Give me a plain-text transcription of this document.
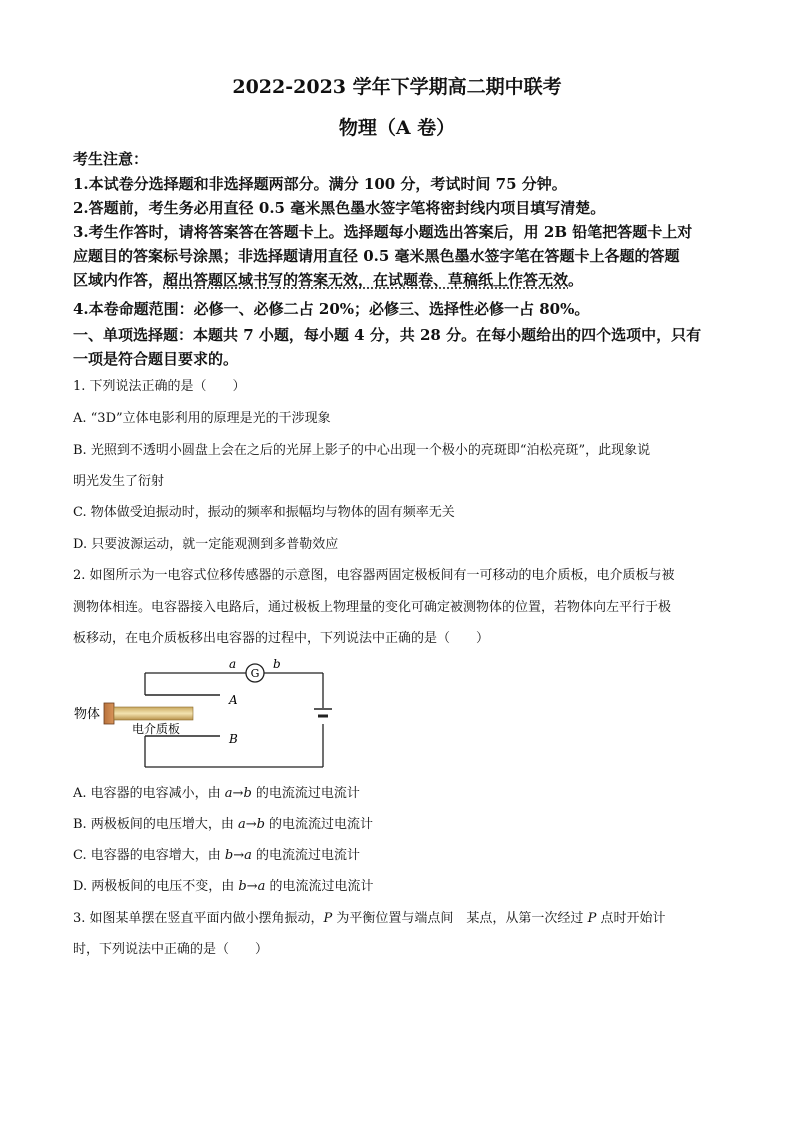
2022-2023 学年下学期高二期中联考
物理（A 卷）
考生注意：
1.本试卷分选择题和非选择题两部分。满分 100 分，考试时间 75 分钟。
2.答题前，考生务必用直径 0.5 毫米黑色墨水签字笔将密封线内项目填写清楚。
3.考生作答时，请将答案答在答题卡上。选择题每小题选出答案后，用 2B 铅笔把答题卡上对
应题目的答案标号涂黑；非选择题请用直径 0.5 毫米黑色墨水签字笔在答题卡上各题的答题
区域内作答，超出答题区域书写的答案无效，在试题卷、草稿纸上作答无效。
4.本卷命题范围：必修一、必修二占 20%；必修三、选择性必修一占 80%。
一、单项选择题：本题共 7 小题，每小题 4 分，共 28 分。在每小题给出的四个选项中，只有
一项是符合题目要求的。
1. 下列说法正确的是（　　）
A. “3D”立体电影利用的原理是光的干涉现象
B. 光照到不透明小圆盘上会在之后的光屏上影子的中心出现一个极小的亮斑即“泊松亮斑”，此现象说
明光发生了衍射
C. 物体做受迫振动时，振动的频率和振幅均与物体的固有频率无关
D. 只要波源运动，就一定能观测到多普勒效应
2. 如图所示为一电容式位移传感器的示意图，电容器两固定极板间有一可移动的电介质板，电介质板与被
测物体相连。电容器接入电路后，通过极板上物理量的变化可确定被测物体的位置，若物体向左平行于极
板移动，在电介质板移出电容器的过程中，下列说法中正确的是（　　）
物体
电介质板
a	b
G
A
B
A. 电容器的电容减小，由 a→b 的电流流过电流计
B. 两极板间的电压增大，由 a→b 的电流流过电流计
C. 电容器的电容增大，由 b→a 的电流流过电流计
D. 两极板间的电压不变，由 b→a 的电流流过电流计
3. 如图某单摆在竖直平面内做小摆角振动，P 为平衡位置与端点间　某点，从第一次经过 P 点时开始计
时，下列说法中正确的是（　　）
